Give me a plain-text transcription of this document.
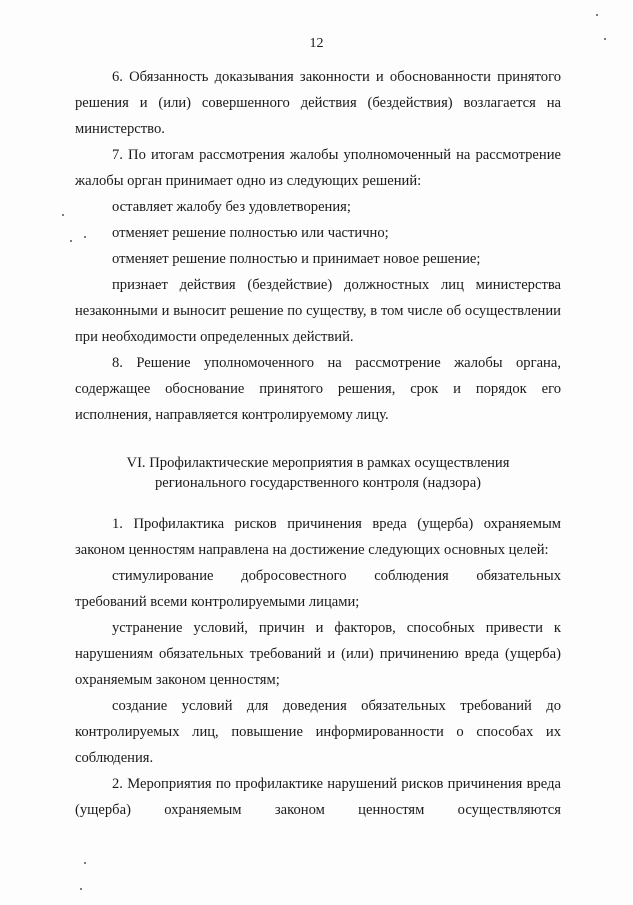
12

6. Обязанность доказывания законности и обоснованности принятого решения и (или) совершенного действия (бездействия) возлагается на министерство.

7. По итогам рассмотрения жалобы уполномоченный на рассмотрение жалобы орган принимает одно из следующих решений:

оставляет жалобу без удовлетворения;

отменяет решение полностью или частично;

отменяет решение полностью и принимает новое решение;

признает действия (бездействие) должностных лиц министерства незаконными и выносит решение по существу, в том числе об осуществлении при необходимости определенных действий.

8. Решение уполномоченного на рассмотрение жалобы органа, содержащее обоснование принятого решения, срок и порядок его исполнения, направляется контролируемому лицу.

VI. Профилактические мероприятия в рамках осуществления
регионального государственного контроля (надзора)

1. Профилактика рисков причинения вреда (ущерба) охраняемым законом ценностям направлена на достижение следующих основных целей:

стимулирование добросовестного соблюдения обязательных требований всеми контролируемыми лицами;

устранение условий, причин и факторов, способных привести к нарушениям обязательных требований и (или) причинению вреда (ущерба) охраняемым законом ценностям;

создание условий для доведения обязательных требований до контролируемых лиц, повышение информированности о способах их соблюдения.

2. Мероприятия по профилактике нарушений рисков причинения вреда (ущерба) охраняемым законом ценностям осуществляются
